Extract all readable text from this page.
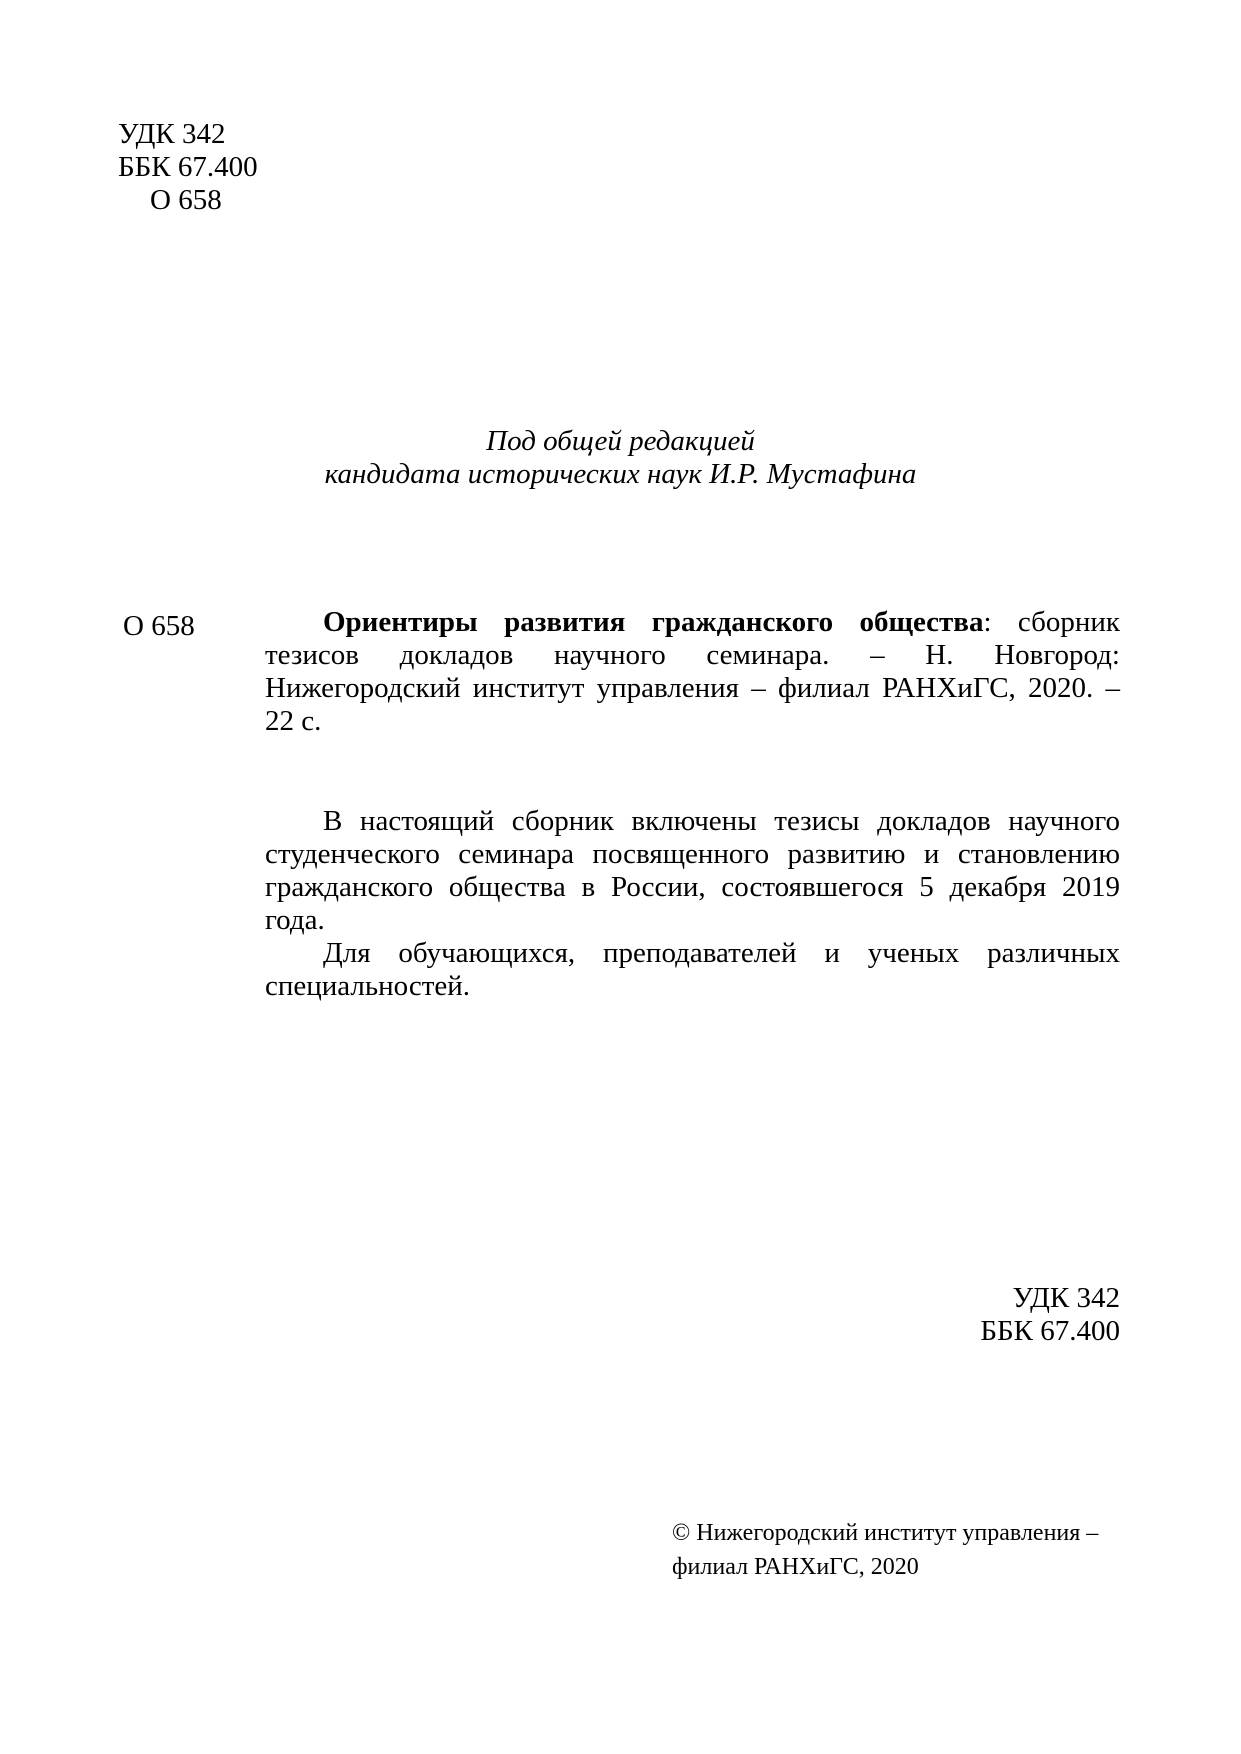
УДК 342
ББК 67.400
О 658
Под общей редакцией
кандидата исторических наук И.Р. Мустафина
О 658	Ориентиры развития гражданского общества: сборник тезисов докладов научного семинара. – Н. Новгород: Нижегородский институт управления – филиал РАНХиГС, 2020. – 22 с.

В настоящий сборник включены тезисы докладов научного студенческого семинара посвященного развитию и становлению гражданского общества в России, состоявшегося 5 декабря 2019 года.

Для обучающихся, преподавателей и ученых различных специальностей.

УДК 342
ББК 67.400
© Нижегородский институт управления –
филиал РАНХиГС, 2020
